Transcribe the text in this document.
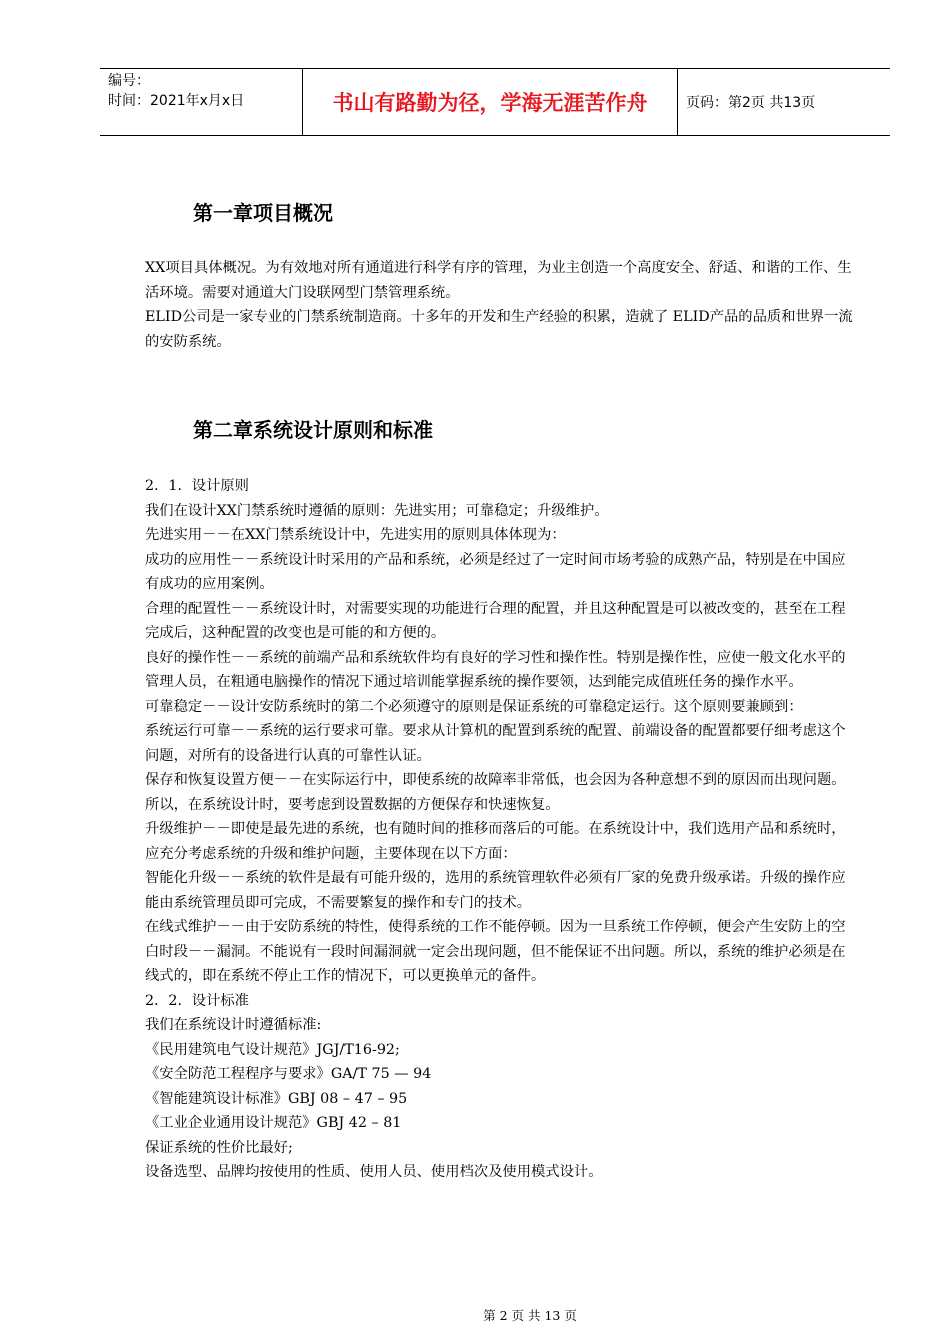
编号：
时间：2021年x月x日	书山有路勤为径，学海无涯苦作舟	页码：第2页 共13页
第一章项目概况

XX项目具体概况。为有效地对所有通道进行科学有序的管理，为业主创造一个高度安全、舒适、和谐的工作、生活环境。需要对通道大门设联网型门禁管理系统。

ELID公司是一家专业的门禁系统制造商。十多年的开发和生产经验的积累，造就了 ELID产品的品质和世界一流的安防系统。

第二章系统设计原则和标准

2．1．设计原则

我们在设计XX门禁系统时遵循的原则：先进实用；可靠稳定；升级维护。

先进实用－－在XX门禁系统设计中，先进实用的原则具体体现为：

成功的应用性－－系统设计时采用的产品和系统，必须是经过了一定时间市场考验的成熟产品，特别是在中国应有成功的应用案例。

合理的配置性－－系统设计时，对需要实现的功能进行合理的配置，并且这种配置是可以被改变的，甚至在工程完成后，这种配置的改变也是可能的和方便的。

良好的操作性－－系统的前端产品和系统软件均有良好的学习性和操作性。特别是操作性，应使一般文化水平的管理人员，在粗通电脑操作的情况下通过培训能掌握系统的操作要领，达到能完成值班任务的操作水平。

可靠稳定－－设计安防系统时的第二个必须遵守的原则是保证系统的可靠稳定运行。这个原则要兼顾到：

系统运行可靠－－系统的运行要求可靠。要求从计算机的配置到系统的配置、前端设备的配置都要仔细考虑这个问题，对所有的设备进行认真的可靠性认证。

保存和恢复设置方便－－在实际运行中，即使系统的故障率非常低，也会因为各种意想不到的原因而出现问题。所以，在系统设计时，要考虑到设置数据的方便保存和快速恢复。

升级维护－－即使是最先进的系统，也有随时间的推移而落后的可能。在系统设计中，我们选用产品和系统时，应充分考虑系统的升级和维护问题，主要体现在以下方面：

智能化升级－－系统的软件是最有可能升级的，选用的系统管理软件必须有厂家的免费升级承诺。升级的操作应能由系统管理员即可完成，不需要繁复的操作和专门的技术。

在线式维护－－由于安防系统的特性，使得系统的工作不能停顿。因为一旦系统工作停顿，便会产生安防上的空白时段－－漏洞。不能说有一段时间漏洞就一定会出现问题，但不能保证不出问题。所以，系统的维护必须是在线式的，即在系统不停止工作的情况下，可以更换单元的备件。

2．2．设计标准

我们在系统设计时遵循标准:

《民用建筑电气设计规范》JGJ/T16-92;

《安全防范工程程序与要求》GA/T 75 — 94

《智能建筑设计标准》GBJ 08 – 47 – 95

《工业企业通用设计规范》GBJ 42 – 81

保证系统的性价比最好;

设备选型、品牌均按使用的性质、使用人员、使用档次及使用模式设计。

第 2 页 共 13 页
